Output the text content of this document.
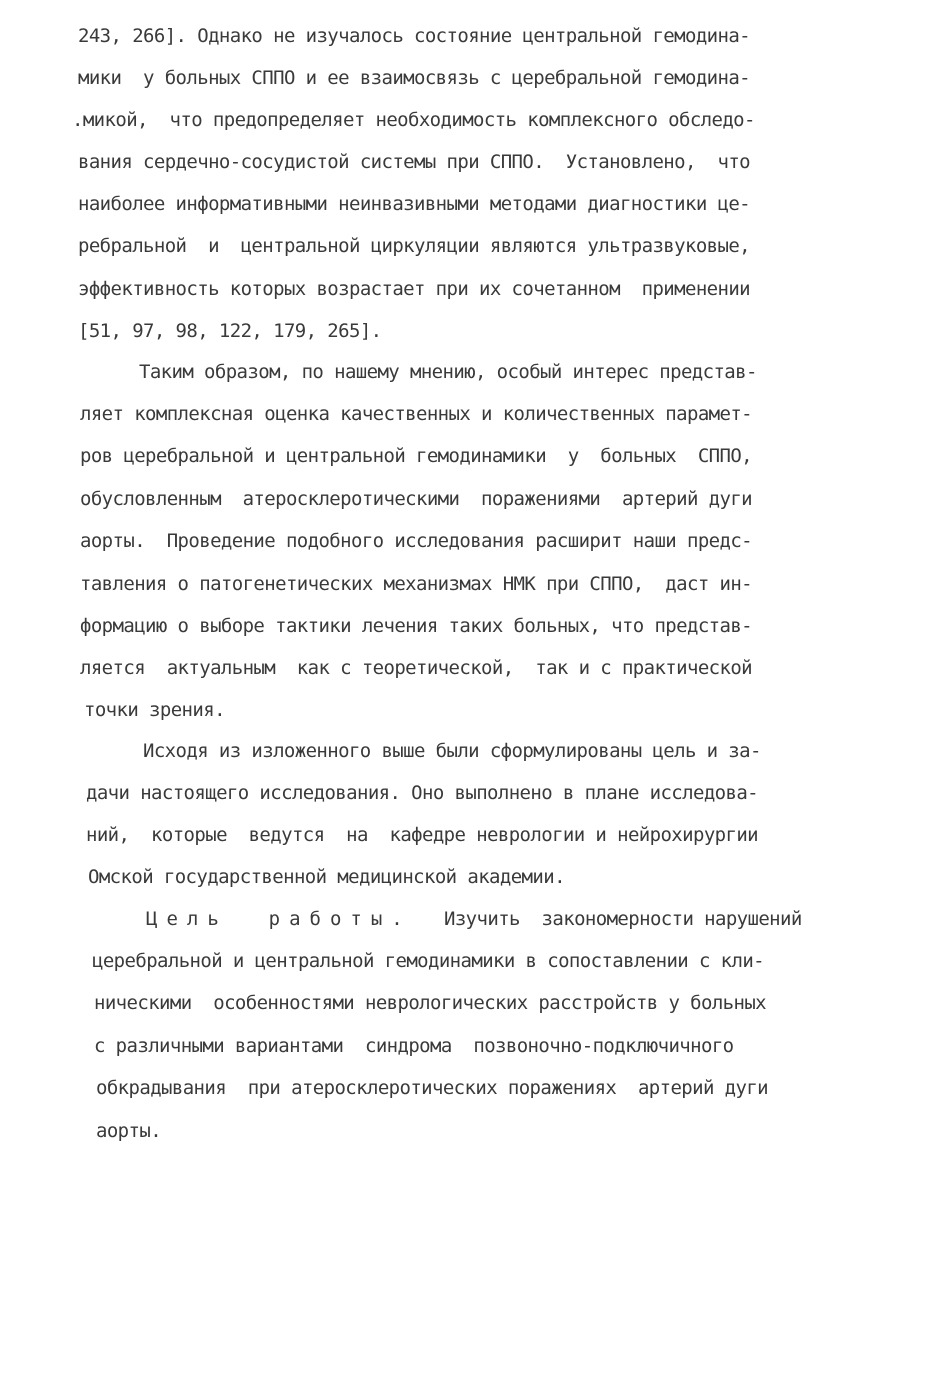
243, 266]. Однако не изучалось состояние центральной гемодина-
мики  у больных СППО и ее взаимосвязь с церебральной гемодина-
.микой,  что предопределяет необходимость комплексного обследо-
вания сердечно-сосудистой системы при СППО.  Установлено,  что
наиболее информативными неинвазивными методами диагностики це-
ребральной  и  центральной циркуляции являются ультразвуковые,
эффективность которых возрастает при их сочетанном  применении
[51, 97, 98, 122, 179, 265].
Таким образом, по нашему мнению, особый интерес представ-
ляет комплексная оценка качественных и количественных парамет-
ров церебральной и центральной гемодинамики  у  больных  СППО,
обусловленным  атеросклеротическими  поражениями  артерий дуги
аорты.  Проведение подобного исследования расширит наши предс-
тавления о патогенетических механизмах НМК при СППО,  даст ин-
формацию о выборе тактики лечения таких больных, что представ-
ляется  актуальным  как с теоретической,  так и с практической
точки зрения.
Исходя из изложенного выше были сформулированы цель и за-
дачи настоящего исследования. Оно выполнено в плане исследова-
ний,  которые  ведутся  на  кафедре неврологии и нейрохирургии
Омской государственной медицинской академии.
Цель  работы. Изучить  закономерности нарушений
церебральной и центральной гемодинамики в сопоставлении с кли-
ническими  особенностями неврологических расстройств у больных
с различными вариантами  синдрома  позвоночно-подключичного
обкрадывания  при атеросклеротических поражениях  артерий дуги
аорты.
